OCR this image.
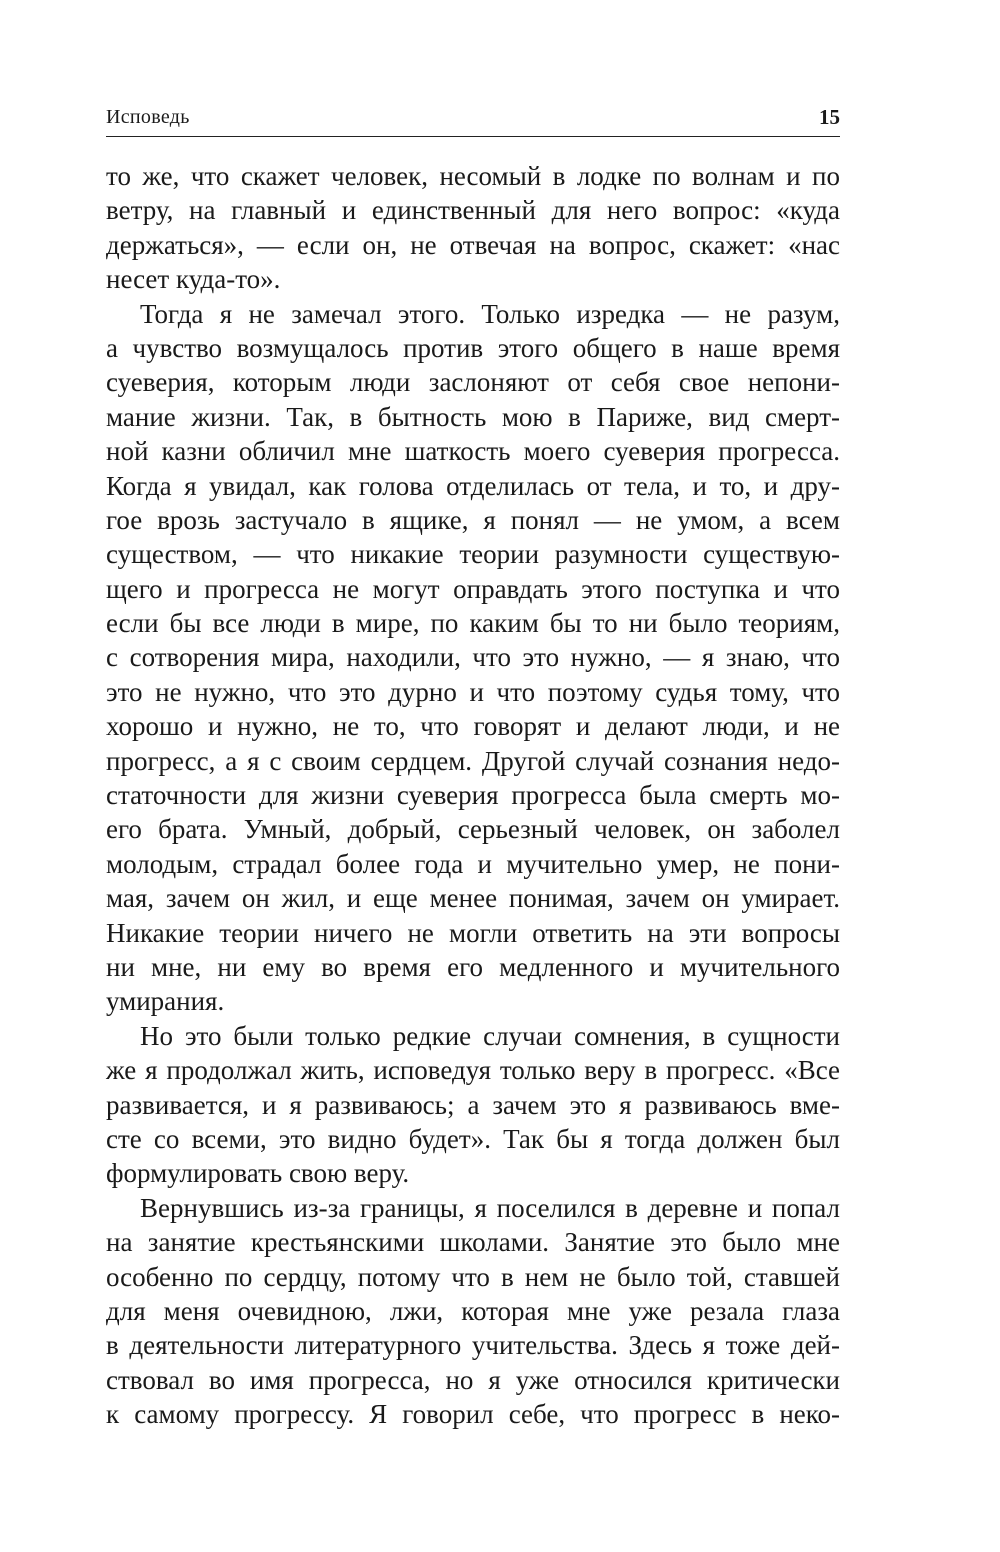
Исповедь	15
то же, что скажет человек, несомый в лодке по волнам и по
ветру, на главный и единственный для него вопрос: «куда
держаться», — если он, не отвечая на вопрос, скажет: «нас
несет куда-то».
Тогда я не замечал этого. Только изредка — не разум,
а чувство возмущалось против этого общего в наше время
суеверия, которым люди заслоняют от себя свое непони-
мание жизни. Так, в бытность мою в Париже, вид смерт-
ной казни обличил мне шаткость моего суеверия прогресса.
Когда я увидал, как голова отделилась от тела, и то, и дру-
гое врозь застучало в ящике, я понял — не умом, а всем
существом, — что никакие теории разумности существую-
щего и прогресса не могут оправдать этого поступка и что
если бы все люди в мире, по каким бы то ни было теориям,
с сотворения мира, находили, что это нужно, — я знаю, что
это не нужно, что это дурно и что поэтому судья тому, что
хорошо и нужно, не то, что говорят и делают люди, и не
прогресс, а я с своим сердцем. Другой случай сознания недо-
статочности для жизни суеверия прогресса была смерть мо-
его брата. Умный, добрый, серьезный человек, он заболел
молодым, страдал более года и мучительно умер, не пони-
мая, зачем он жил, и еще менее понимая, зачем он умирает.
Никакие теории ничего не могли ответить на эти вопросы
ни мне, ни ему во время его медленного и мучительного
умирания.
Но это были только редкие случаи сомнения, в сущности
же я продолжал жить, исповедуя только веру в прогресс. «Все
развивается, и я развиваюсь; а зачем это я развиваюсь вме-
сте со всеми, это видно будет». Так бы я тогда должен был
формулировать свою веру.
Вернувшись из-за границы, я поселился в деревне и попал
на занятие крестьянскими школами. Занятие это было мне
особенно по сердцу, потому что в нем не было той, ставшей
для меня очевидною, лжи, которая мне уже резала глаза
в деятельности литературного учительства. Здесь я тоже дей-
ствовал во имя прогресса, но я уже относился критически
к самому прогрессу. Я говорил себе, что прогресс в неко-
